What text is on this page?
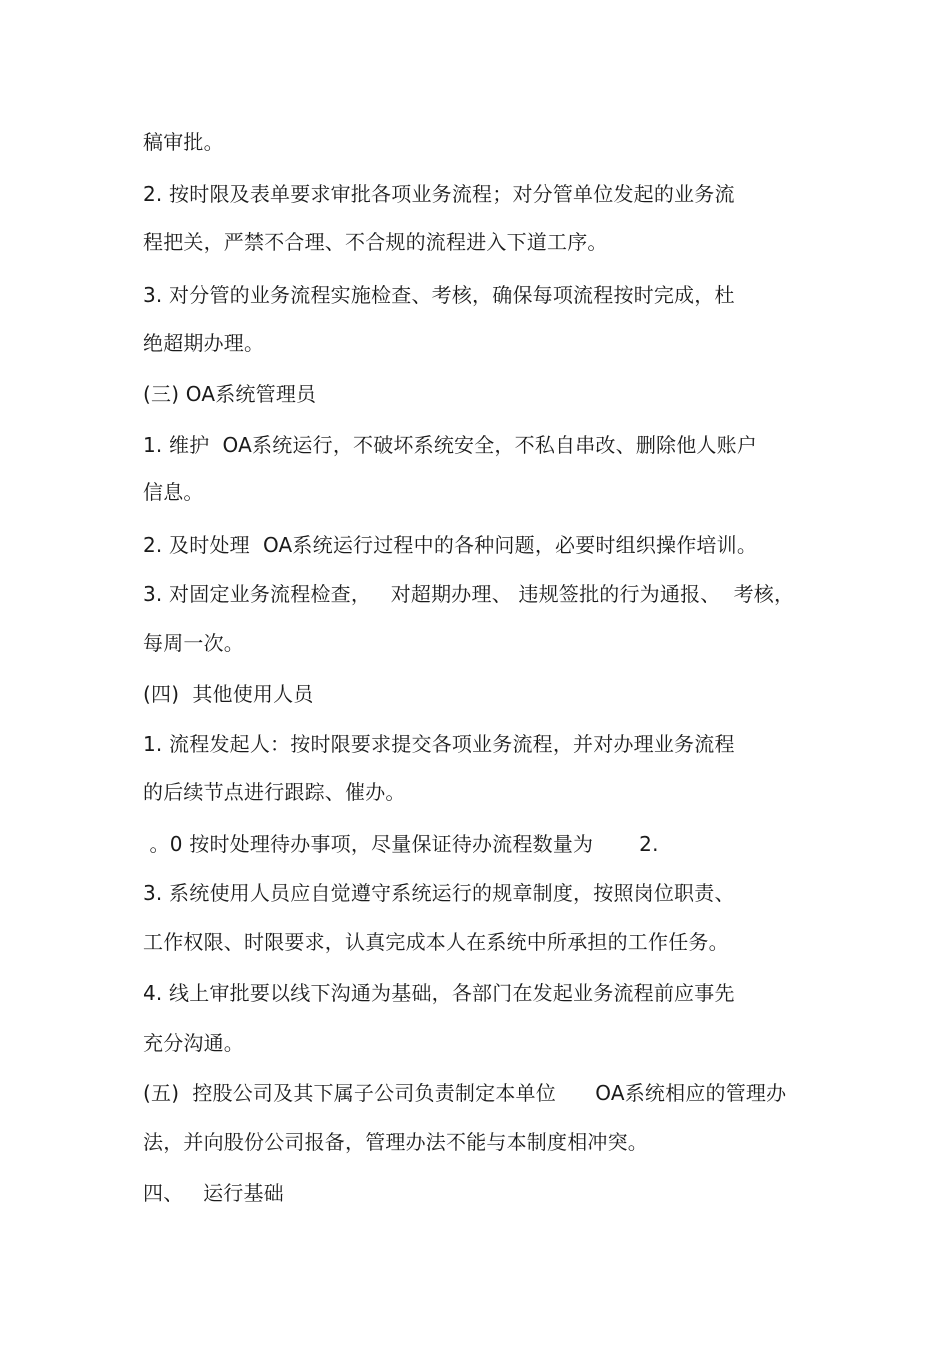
稿审批。
2. 按时限及表单要求审批各项业务流程；对分管单位发起的业务流
程把关，严禁不合理、不合规的流程进入下道工序。
3. 对分管的业务流程实施检查、考核，确保每项流程按时完成，杜
绝超期办理。
(三) OA系统管理员
1. 维护  OA系统运行，不破坏系统安全，不私自串改、删除他人账户
信息。
2. 及时处理  OA系统运行过程中的各种问题，必要时组织操作培训。
3. 对固定业务流程检查，   对超期办理、 违规签批的行为通报、  考核，
每周一次。
(四)  其他使用人员
1. 流程发起人：按时限要求提交各项业务流程，并对办理业务流程
的后续节点进行跟踪、催办。
。0 按时处理待办事项，尽量保证待办流程数量为       2.
3. 系统使用人员应自觉遵守系统运行的规章制度，按照岗位职责、
工作权限、时限要求，认真完成本人在系统中所承担的工作任务。
4. 线上审批要以线下沟通为基础，各部门在发起业务流程前应事先
充分沟通。
(五)  控股公司及其下属子公司负责制定本单位      OA系统相应的管理办
法，并向股份公司报备，管理办法不能与本制度相冲突。
四、   运行基础
